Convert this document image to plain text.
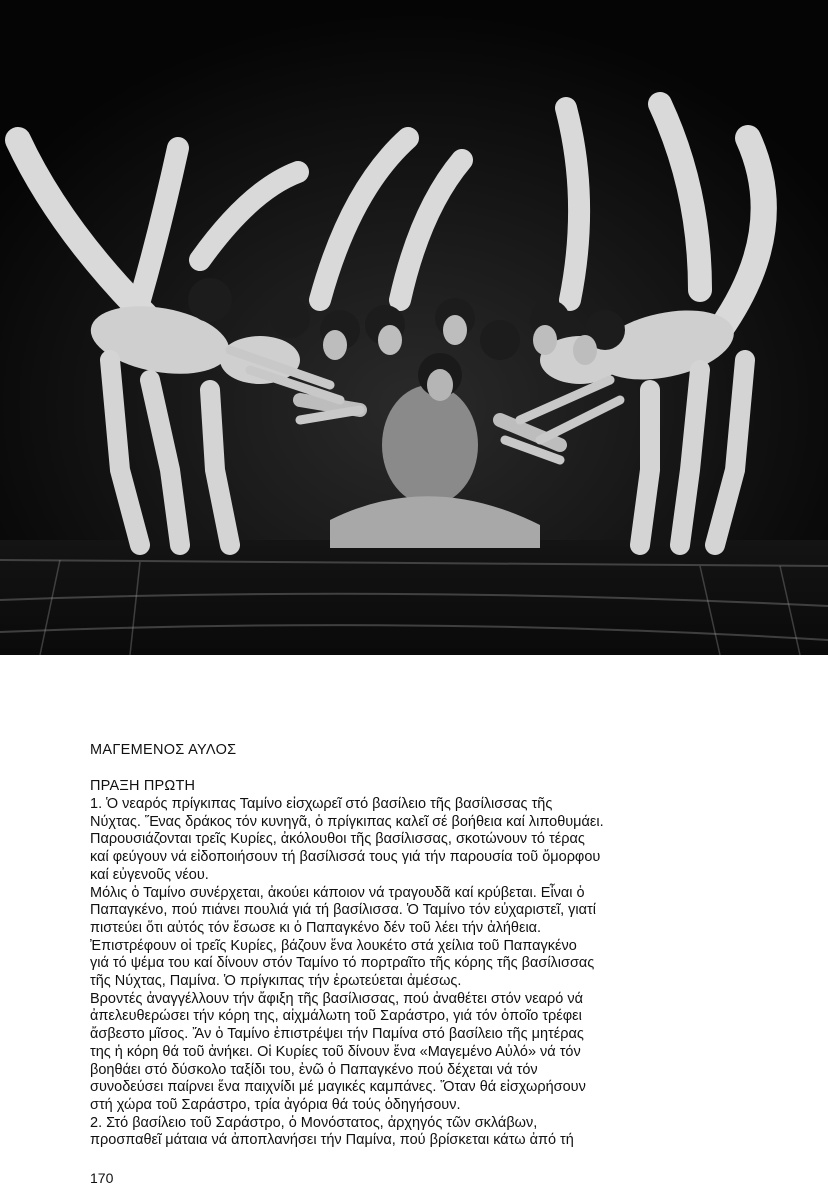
ΜΑΓΕΜΕΝΟΣ ΑΥΛΟΣ
ΠΡΑΞΗ ΠΡΩΤΗ
1. Ὁ νεαρός πρίγκιπας Ταμίνο εἰσχωρεῖ στό βασίλειο τῆς βασίλισσας τῆς
Νύχτας. Ἕνας δράκος τόν κυνηγᾶ, ὁ πρίγκιπας καλεῖ σέ βοήθεια καί λιποθυμάει.
Παρουσιάζονται τρεῖς Κυρίες, ἀκόλουθοι τῆς βασίλισσας, σκοτώνουν τό τέρας
καί φεύγουν νά εἰδοποιήσουν τή βασίλισσά τους γιά τήν παρουσία τοῦ ὄμορφου
καί εὐγενοῦς νέου.
Μόλις ὁ Ταμίνο συνέρχεται, ἀκούει κάποιον νά τραγουδᾶ καί κρύβεται. Εἶναι ὁ
Παπαγκένο, πού πιάνει πουλιά γιά τή βασίλισσα. Ὁ Ταμίνο τόν εὐχαριστεῖ, γιατί
πιστεύει ὅτι αὐτός τόν ἔσωσε κι ὁ Παπαγκένο δέν τοῦ λέει τήν ἀλήθεια.
Ἐπιστρέφουν οἱ τρεῖς Κυρίες, βάζουν ἕνα λουκέτο στά χείλια τοῦ Παπαγκένο
γιά τό ψέμα του καί δίνουν στόν Ταμίνο τό πορτραῖτο τῆς κόρης τῆς βασίλισσας
τῆς Νύχτας, Παμίνα. Ὁ πρίγκιπας τήν ἐρωτεύεται ἀμέσως.
Βροντές ἀναγγέλλουν τήν ἄφιξη τῆς βασίλισσας, πού ἀναθέτει στόν νεαρό νά
ἀπελευθερώσει τήν κόρη της, αἰχμάλωτη τοῦ Σαράστρο, γιά τόν ὁποῖο τρέφει
ἄσβεστο μῖσος. Ἄν ὁ Ταμίνο ἐπιστρέψει τήν Παμίνα στό βασίλειο τῆς μητέρας
της ἡ κόρη θά τοῦ ἀνήκει. Οἱ Κυρίες τοῦ δίνουν ἕνα «Μαγεμένο Αὐλό» νά τόν
βοηθάει στό δύσκολο ταξίδι του, ἐνῶ ὁ Παπαγκένο πού δέχεται νά τόν
συνοδεύσει παίρνει ἕνα παιχνίδι μέ μαγικές καμπάνες. Ὅταν θά εἰσχωρήσουν
στή χώρα τοῦ Σαράστρο, τρία ἀγόρια θά τούς ὁδηγήσουν.
2. Στό βασίλειο τοῦ Σαράστρο, ὁ Μονόστατος, ἀρχηγός τῶν σκλάβων,
προσπαθεῖ μάταια νά ἀποπλανήσει τήν Παμίνα, πού βρίσκεται κάτω ἀπό τή
170
